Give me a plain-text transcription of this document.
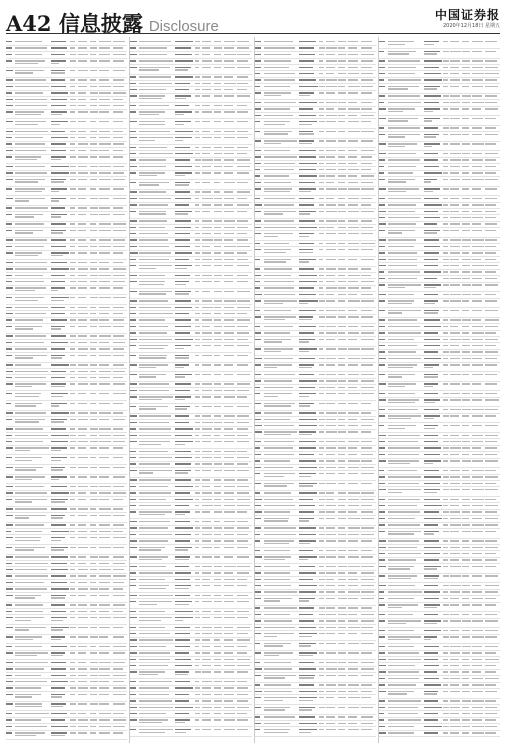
A42 信息披露 Disclosure
中国证券报
2020年12月18日 星期五
